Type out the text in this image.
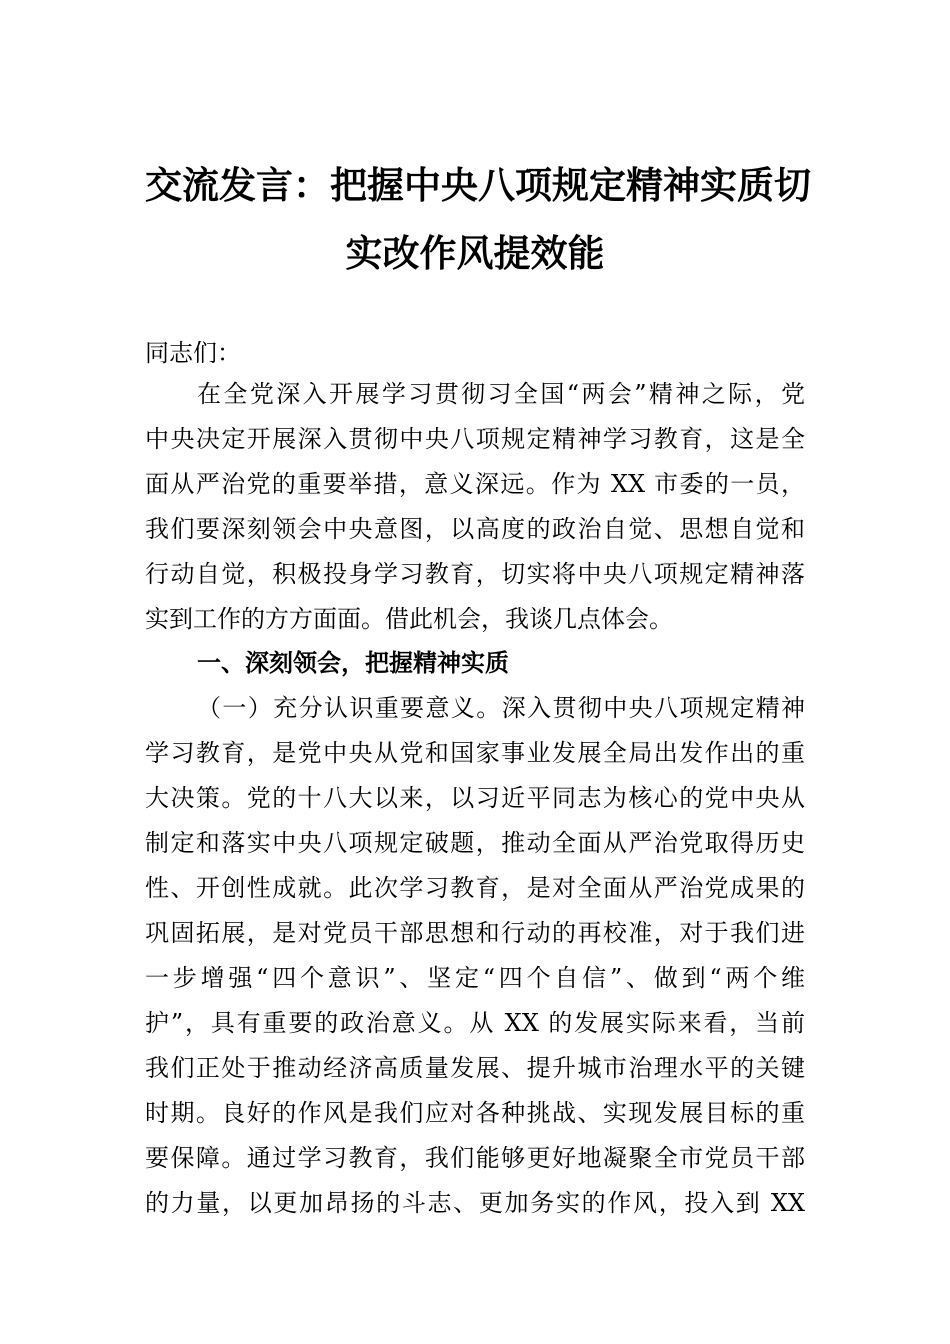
交流发言：把握中央八项规定精神实质切
实改作风提效能

同志们：

在全党深入开展学习贯彻习全国“两会”精神之际，党

中央决定开展深入贯彻中央八项规定精神学习教育，这是全

面从严治党的重要举措，意义深远。作为 XX 市委的一员，

我们要深刻领会中央意图，以高度的政治自觉、思想自觉和

行动自觉，积极投身学习教育，切实将中央八项规定精神落

实到工作的方方面面。借此机会，我谈几点体会。

一、深刻领会，把握精神实质

（一）充分认识重要意义。深入贯彻中央八项规定精神

学习教育，是党中央从党和国家事业发展全局出发作出的重

大决策。党的十八大以来，以习近平同志为核心的党中央从

制定和落实中央八项规定破题，推动全面从严治党取得历史

性、开创性成就。此次学习教育，是对全面从严治党成果的

巩固拓展，是对党员干部思想和行动的再校准，对于我们进

一步增强“四个意识”、坚定“四个自信”、做到“两个维

护”，具有重要的政治意义。从 XX 的发展实际来看，当前

我们正处于推动经济高质量发展、提升城市治理水平的关键

时期。良好的作风是我们应对各种挑战、实现发展目标的重

要保障。通过学习教育，我们能够更好地凝聚全市党员干部

的力量，以更加昂扬的斗志、更加务实的作风，投入到 XX
